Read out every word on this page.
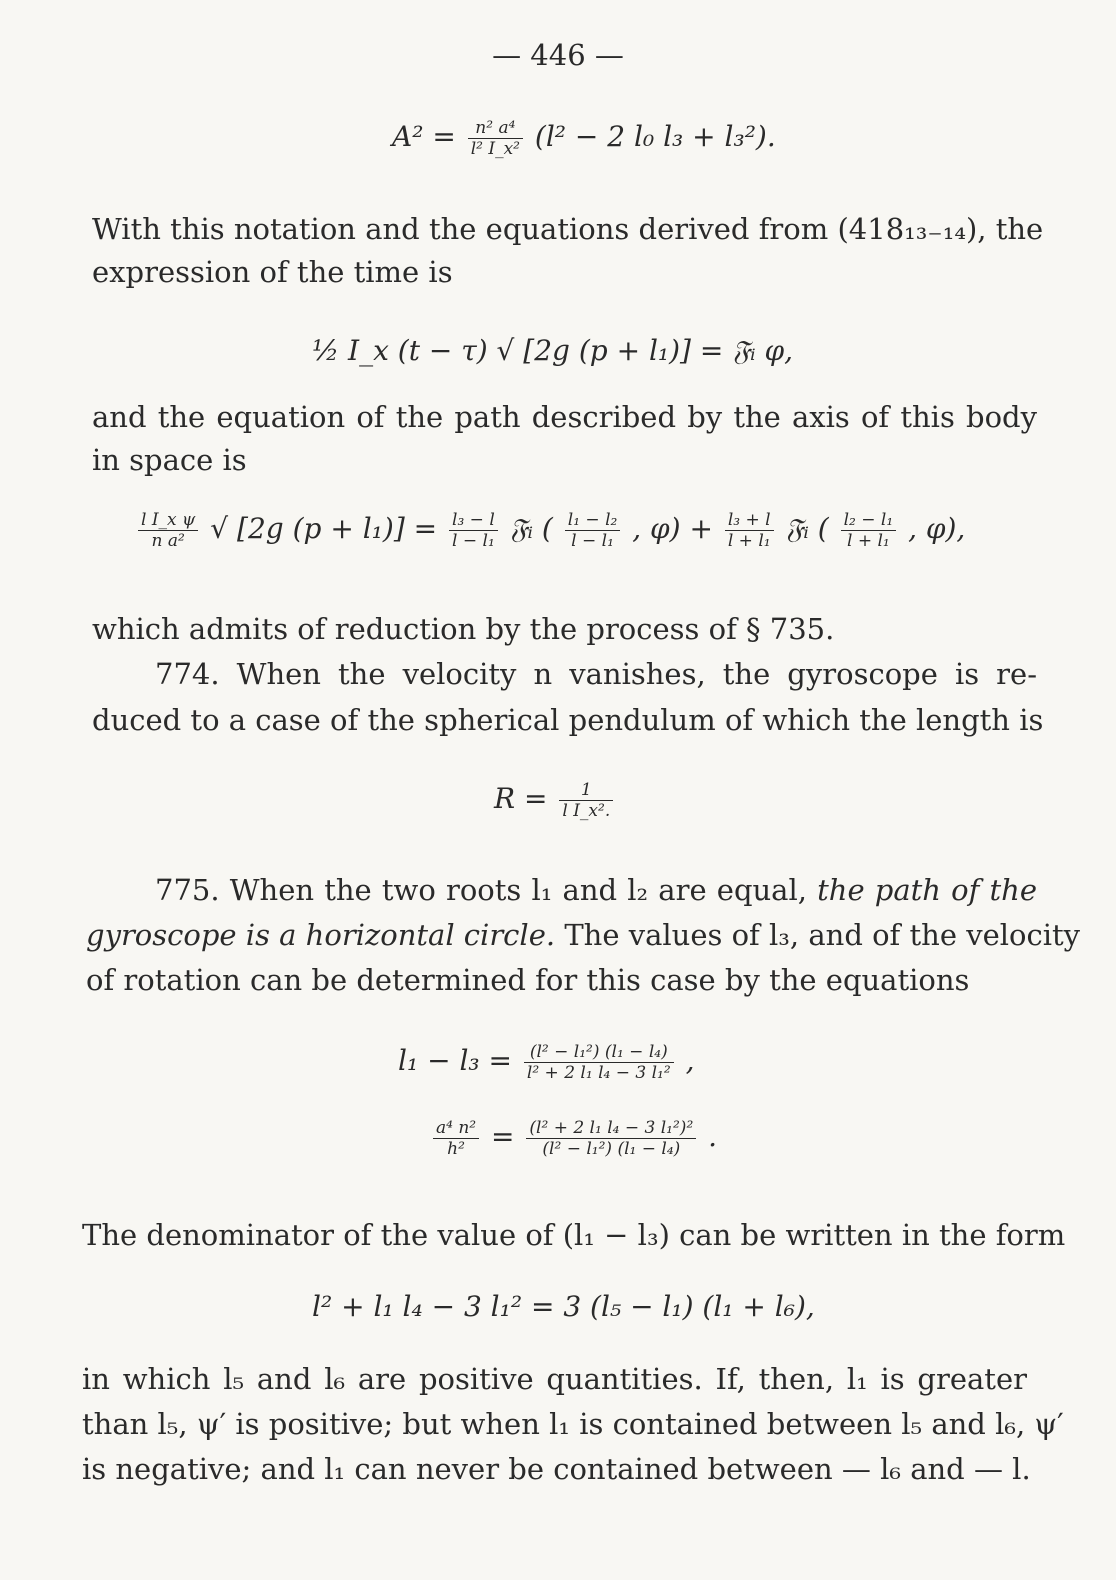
— 446 —
$A^2 = \frac{\text{n² a⁴}}{\text{l² I\_x²}} (l^2 - 2$ l₀ l₃ + l₃²).
With this notation and the equations derived from (418₁₃₋₁₄), the
expression of the time is
½ I_x (t − τ) √ [2g (p + l₁)] = 𝔉ᵢ φ,
and the equation of the path described by the axis of this body
in space is
$\frac{\text{l I\_x ψ}}{\text{n a²}}$ √ [2g $(p + l_1)] = \frac{\text{l₃ − l}}{\text{l − l₁}}$ 𝔉ᵢ ( $\frac{\text{l₁ − l₂}}{\text{l − l₁}}$ , $\varphi) + \frac{\text{l₃ + l}}{\text{l + l₁}}$ 𝔉ᵢ ( $\frac{\text{l₂ − l₁}}{\text{l + l₁}}$ , φ),
which admits of reduction by the process of § 735.
774. When the velocity n vanishes, the gyroscope is re-
duced to a case of the spherical pendulum of which the length is
$R = \frac{1}{\text{l I\_x².}}$
775. When the two roots l₁ and l₂ are equal, the path of the
gyroscope is a horizontal circle. The values of l₃, and of the velocity
of rotation can be determined for this case by the equations
$l_1 - l_3 = \frac{\text{(l² − l₁²) (l₁ − l₄)}}{\text{l² + 2 l₁ l₄ − 3 l₁²}}$ ,
$\frac{\text{a⁴ n²}}{\text{h²}} = \frac{\text{(l² + 2 l₁ l₄ − 3 l₁²)²}}{\text{(l² − l₁²) (l₁ − l₄)}}$ .
The denominator of the value of (l₁ − l₃) can be written in the form
l² + l₁ l₄ − 3 l₁² = 3 (l₅ − l₁) (l₁ + l₆),
in which l₅ and l₆ are positive quantities. If, then, l₁ is greater
than l₅, ψ′ is positive; but when l₁ is contained between l₅ and l₆, ψ′
is negative; and l₁ can never be contained between — l₆ and — l.
